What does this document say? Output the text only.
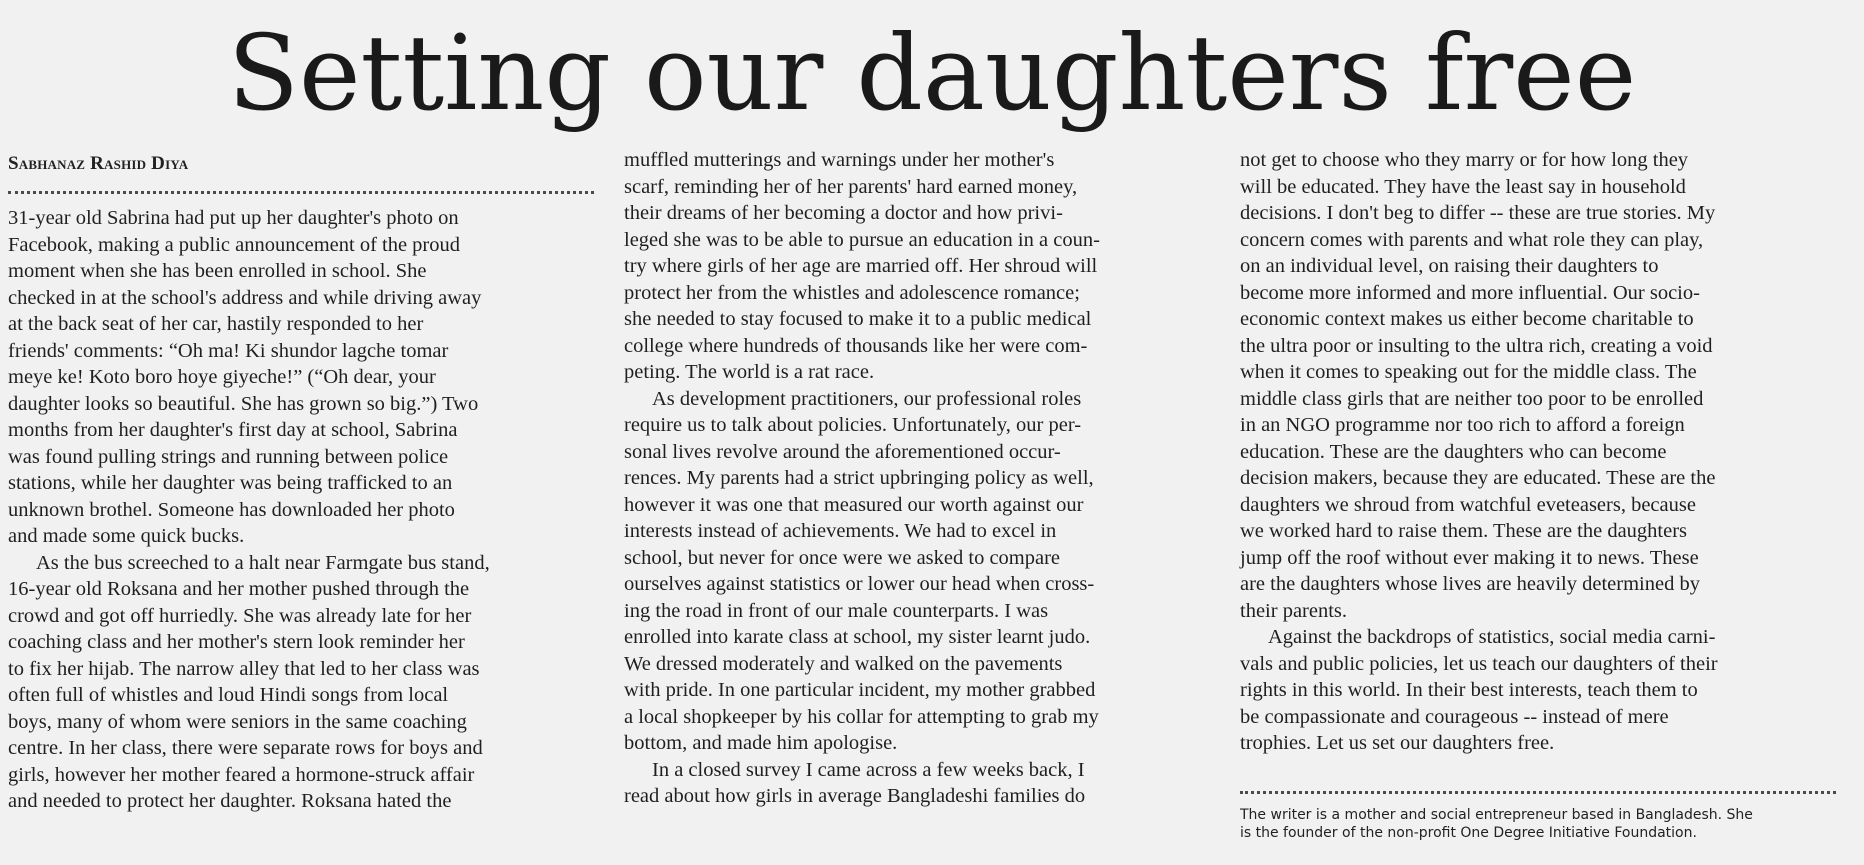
Setting our daughters free
Sabhanaz Rashid Diya
31-year old Sabrina had put up her daughter's photo on
Facebook, making a public announcement of the proud
moment when she has been enrolled in school. She
checked in at the school's address and while driving away
at the back seat of her car, hastily responded to her
friends' comments: “Oh ma! Ki shundor lagche tomar
meye ke! Koto boro hoye giyeche!” (“Oh dear, your
daughter looks so beautiful. She has grown so big.”) Two
months from her daughter's first day at school, Sabrina
was found pulling strings and running between police
stations, while her daughter was being trafficked to an
unknown brothel. Someone has downloaded her photo
and made some quick bucks.
As the bus screeched to a halt near Farmgate bus stand,
16-year old Roksana and her mother pushed through the
crowd and got off hurriedly. She was already late for her
coaching class and her mother's stern look reminder her
to fix her hijab. The narrow alley that led to her class was
often full of whistles and loud Hindi songs from local
boys, many of whom were seniors in the same coaching
centre. In her class, there were separate rows for boys and
girls, however her mother feared a hormone-struck affair
and needed to protect her daughter. Roksana hated the
muffled mutterings and warnings under her mother's
scarf, reminding her of her parents' hard earned money,
their dreams of her becoming a doctor and how privi-
leged she was to be able to pursue an education in a coun-
try where girls of her age are married off. Her shroud will
protect her from the whistles and adolescence romance;
she needed to stay focused to make it to a public medical
college where hundreds of thousands like her were com-
peting. The world is a rat race.
As development practitioners, our professional roles
require us to talk about policies. Unfortunately, our per-
sonal lives revolve around the aforementioned occur-
rences. My parents had a strict upbringing policy as well,
however it was one that measured our worth against our
interests instead of achievements. We had to excel in
school, but never for once were we asked to compare
ourselves against statistics or lower our head when cross-
ing the road in front of our male counterparts. I was
enrolled into karate class at school, my sister learnt judo.
We dressed moderately and walked on the pavements
with pride. In one particular incident, my mother grabbed
a local shopkeeper by his collar for attempting to grab my
bottom, and made him apologise.
In a closed survey I came across a few weeks back, I
read about how girls in average Bangladeshi families do
not get to choose who they marry or for how long they
will be educated. They have the least say in household
decisions. I don't beg to differ -- these are true stories. My
concern comes with parents and what role they can play,
on an individual level, on raising their daughters to
become more informed and more influential. Our socio-
economic context makes us either become charitable to
the ultra poor or insulting to the ultra rich, creating a void
when it comes to speaking out for the middle class. The
middle class girls that are neither too poor to be enrolled
in an NGO programme nor too rich to afford a foreign
education. These are the daughters who can become
decision makers, because they are educated. These are the
daughters we shroud from watchful eveteasers, because
we worked hard to raise them. These are the daughters
jump off the roof without ever making it to news. These
are the daughters whose lives are heavily determined by
their parents.
Against the backdrops of statistics, social media carni-
vals and public policies, let us teach our daughters of their
rights in this world. In their best interests, teach them to
be compassionate and courageous -- instead of mere
trophies. Let us set our daughters free.
The writer is a mother and social entrepreneur based in Bangladesh. She
is the founder of the non-profit One Degree Initiative Foundation.
